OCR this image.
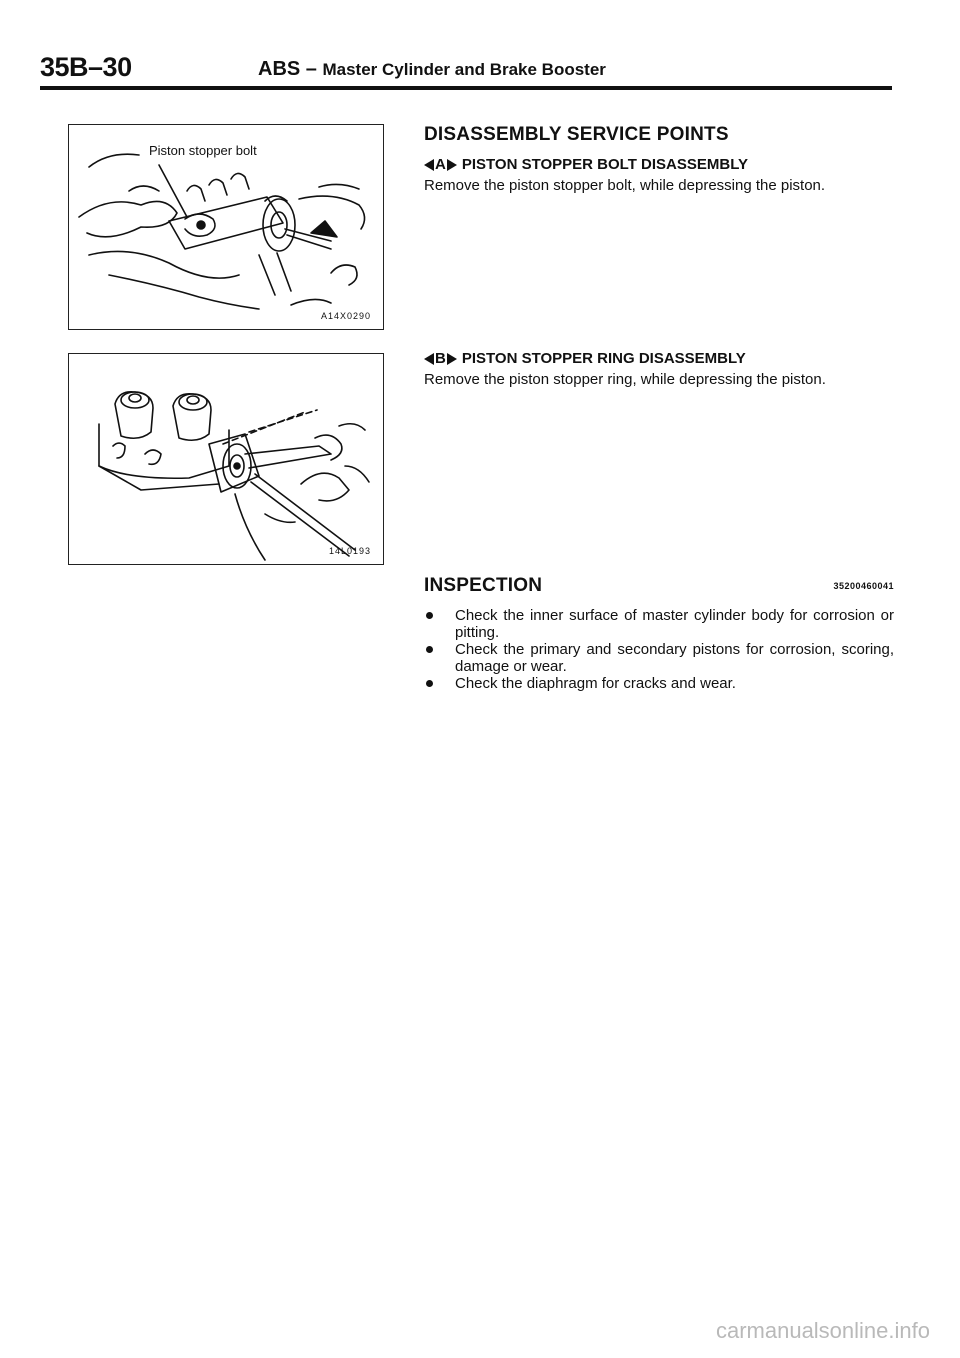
35B–30	ABS – Master Cylinder and Brake Booster
Piston stopper bolt
A14X0290
14L0193
DISASSEMBLY SERVICE POINTS
A PISTON STOPPER BOLT DISASSEMBLY
Remove the piston stopper bolt, while depressing the piston.
B PISTON STOPPER RING DISASSEMBLY
Remove the piston stopper ring, while depressing the piston.
INSPECTION	35200460041
Check the inner surface of master cylinder body for corrosion or pitting.
Check the primary and secondary pistons for corrosion, scoring, damage or wear.
Check the diaphragm for cracks and wear.
carmanualsonline.info
